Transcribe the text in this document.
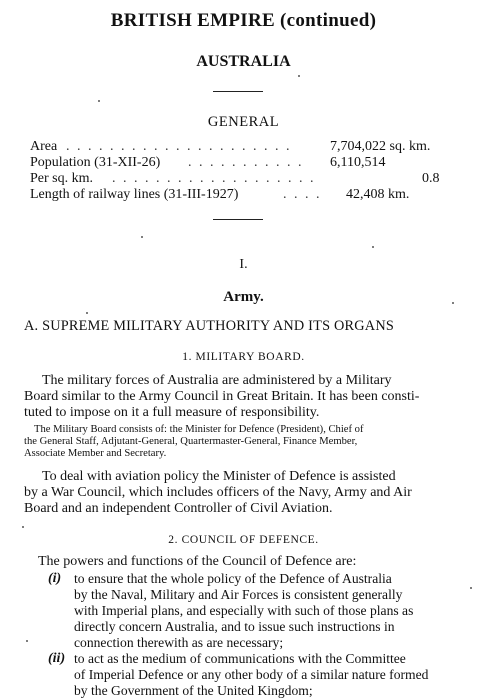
BRITISH EMPIRE (continued)
AUSTRALIA
GENERAL
Area . . . . . . . . . . . . . . . . . . . . .	7,704,022 sq. km.
Population (31-XII-26) . . . . . . . . . . . 6,110,514
Per sq. km. . . . . . . . . . . . . . . . . . . .	0.8
Length of railway lines (31-III-1927)	. . . . 42,408 km.
I.
Army.
A. SUPREME MILITARY AUTHORITY AND ITS ORGANS
1. MILITARY BOARD.
The military forces of Australia are administered by a Military
Board similar to the Army Council in Great Britain. It has been consti-
tuted to impose on it a full measure of responsibility.
The Military Board consists of: the Minister for Defence (President), Chief of
the General Staff, Adjutant-General, Quartermaster-General, Finance Member,
Associate Member and Secretary.
To deal with aviation policy the Minister of Defence is assisted
by a War Council, which includes officers of the Navy, Army and Air
Board and an independent Controller of Civil Aviation.
2. COUNCIL OF DEFENCE.
The powers and functions of the Council of Defence are:
(i) to ensure that the whole policy of the Defence of Australia
by the Naval, Military and Air Forces is consistent generally
with Imperial plans, and especially with such of those plans as
directly concern Australia, and to issue such instructions in
connection therewith as are necessary;
(ii) to act as the medium of communications with the Committee
of Imperial Defence or any other body of a similar nature formed
by the Government of the United Kingdom;
